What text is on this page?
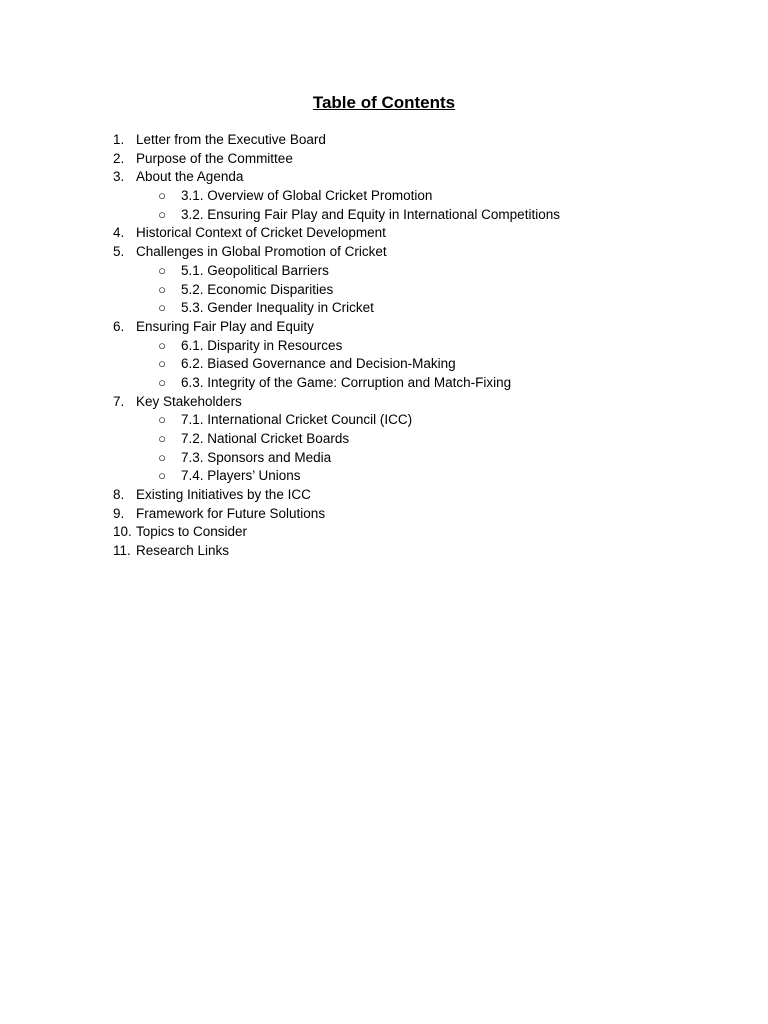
Table of Contents
1. Letter from the Executive Board
2. Purpose of the Committee
3. About the Agenda
○ 3.1. Overview of Global Cricket Promotion
○ 3.2. Ensuring Fair Play and Equity in International Competitions
4. Historical Context of Cricket Development
5. Challenges in Global Promotion of Cricket
○ 5.1. Geopolitical Barriers
○ 5.2. Economic Disparities
○ 5.3. Gender Inequality in Cricket
6. Ensuring Fair Play and Equity
○ 6.1. Disparity in Resources
○ 6.2. Biased Governance and Decision-Making
○ 6.3. Integrity of the Game: Corruption and Match-Fixing
7. Key Stakeholders
○ 7.1. International Cricket Council (ICC)
○ 7.2. National Cricket Boards
○ 7.3. Sponsors and Media
○ 7.4. Players’ Unions
8. Existing Initiatives by the ICC
9. Framework for Future Solutions
10. Topics to Consider
11. Research Links
